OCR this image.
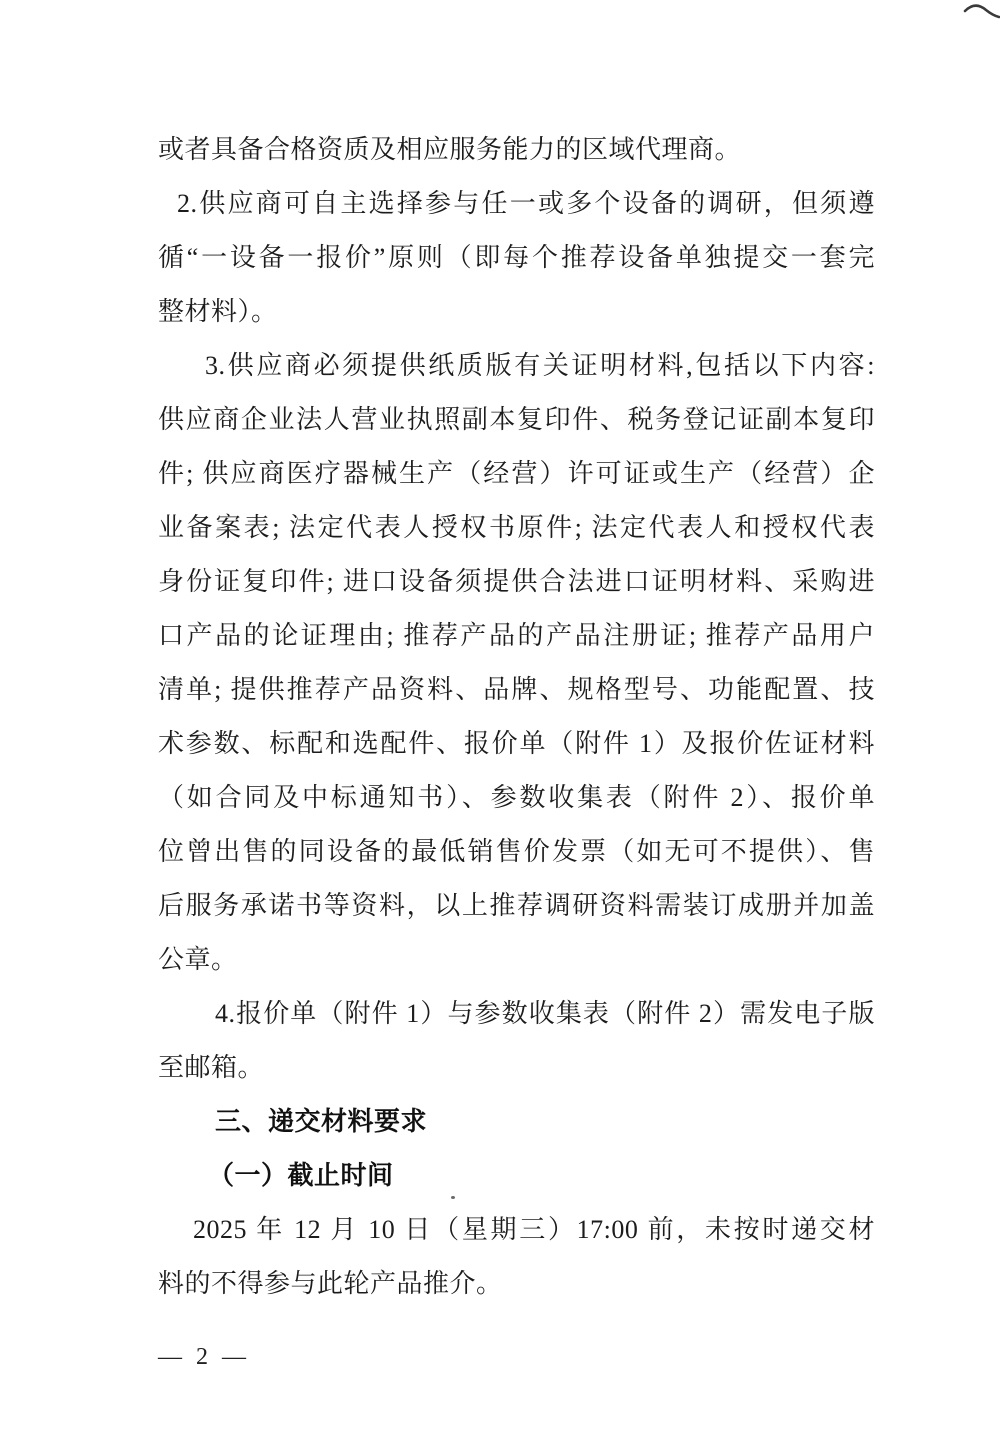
或者具备合格资质及相应服务能力的区域代理商。
2.供应商可自主选择参与任一或多个设备的调研，但须遵
循“一设备一报价”原则（即每个推荐设备单独提交一套完
整材料）。
3.供应商必须提供纸质版有关证明材料,包括以下内容:
供应商企业法人营业执照副本复印件、税务登记证副本复印
件; 供应商医疗器械生产（经营）许可证或生产（经营）企
业备案表; 法定代表人授权书原件; 法定代表人和授权代表
身份证复印件; 进口设备须提供合法进口证明材料、采购进
口产品的论证理由; 推荐产品的产品注册证; 推荐产品用户
清单; 提供推荐产品资料、品牌、规格型号、功能配置、技
术参数、标配和选配件、报价单（附件 1）及报价佐证材料
（如合同及中标通知书）、参数收集表（附件 2）、报价单
位曾出售的同设备的最低销售价发票（如无可不提供）、售
后服务承诺书等资料，以上推荐调研资料需装订成册并加盖
公章。
4.报价单（附件 1）与参数收集表（附件 2）需发电子版
至邮箱。
三、递交材料要求
（一）截止时间
2025 年 12 月 10 日（星期三）17:00 前，未按时递交材
料的不得参与此轮产品推介。
— 2 —
